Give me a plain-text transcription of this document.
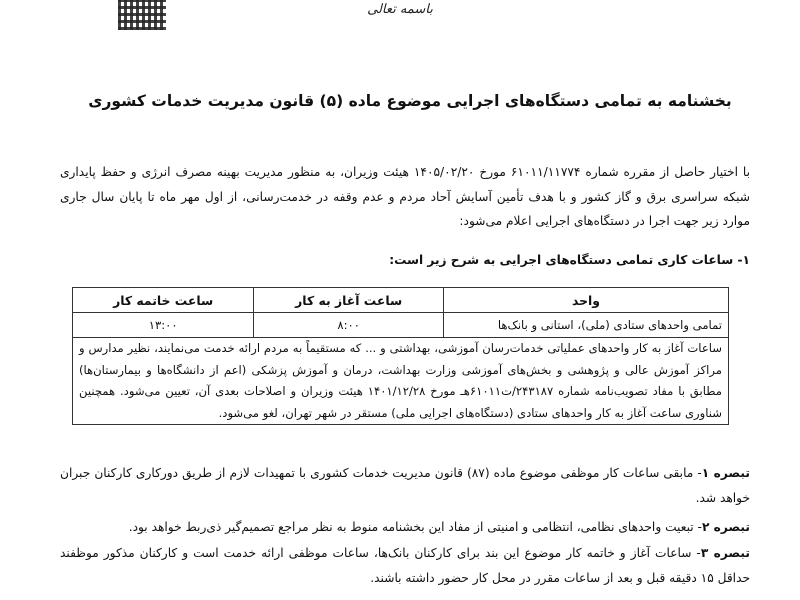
باسمه تعالی
بخشنامه به تمامی دستگاه‌های اجرایی موضوع ماده (۵) قانون مدیریت خدمات کشوری
با اختیار حاصل از مقرره شماره ۶۱۰۱۱/۱۱۷۷۴ مورخ ۱۴۰۵/۰۲/۲۰ هیئت وزیران، به منظور مدیریت بهینه مصرف انرژی و حفظ پایداری شبکه سراسری برق و گاز کشور و با هدف تأمین آسایش آحاد مردم و عدم وقفه در خدمت‌رسانی، از اول مهر ماه تا پایان سال جاری موارد زیر جهت اجرا در دستگاه‌های اجرایی اعلام می‌شود:
۱- ساعات کاری تمامی دستگاه‌های اجرایی به شرح زیر است:
واحد	ساعت آغاز به کار	ساعت خاتمه کار
تمامی واحدهای ستادی (ملی)، استانی و بانک‌ها	۸:۰۰	۱۳:۰۰
ساعات آغاز به کار واحدهای عملیاتی خدمات‌رسان آموزشی، بهداشتی و ... که مستقیماً به مردم ارائه خدمت می‌نمایند، نظیر مدارس و مراکز آموزش عالی و پژوهشی و بخش‌های آموزشی وزارت بهداشت، درمان و آموزش پزشکی (اعم از دانشگاه‌ها و بیمارستان‌ها) مطابق با مفاد تصویب‌نامه شماره ۲۴۳۱۸۷/ت۶۱۰۱۱هـ مورخ ۱۴۰۱/۱۲/۲۸ هیئت وزیران و اصلاحات بعدی آن، تعیین می‌شود. همچنین شناوری ساعت آغاز به کار واحدهای ستادی (دستگاه‌های اجرایی ملی) مستقر در شهر تهران، لغو می‌شود.		
تبصره ۱- مابقی ساعات کار موظفی موضوع ماده (۸۷) قانون مدیریت خدمات کشوری با تمهیدات لازم از طریق دورکاری کارکنان جبران خواهد شد.
تبصره ۲- تبعیت واحدهای نظامی، انتظامی و امنیتی از مفاد این بخشنامه منوط به نظر مراجع تصمیم‌گیر ذی‌ربط خواهد بود.
تبصره ۳- ساعات آغاز و خاتمه کار موضوع این بند برای کارکنان بانک‌ها، ساعات موظفی ارائه خدمت است و کارکنان مذکور موظفند حداقل ۱۵ دقیقه قبل و بعد از ساعات مقرر در محل کار حضور داشته باشند.
